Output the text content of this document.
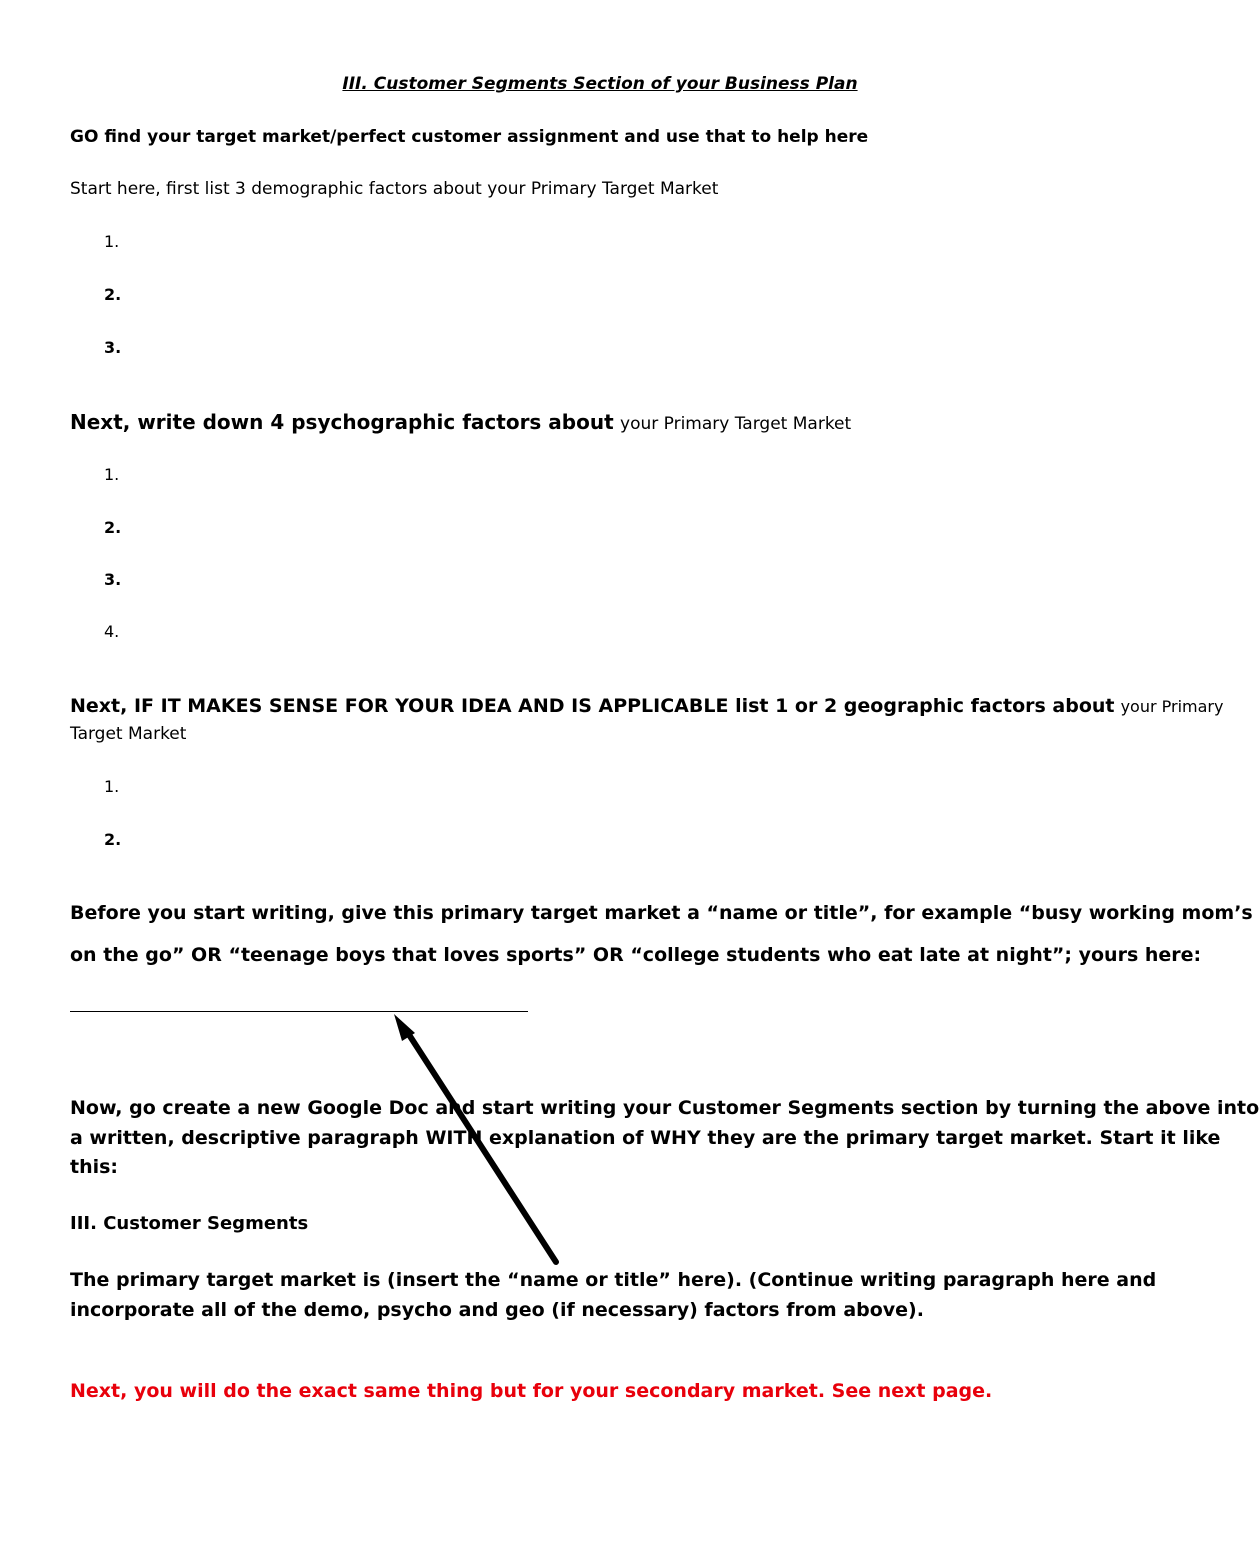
III. Customer Segments Section of your Business Plan

GO find your target market/perfect customer assignment and use that to help here

Start here, first list 3 demographic factors about your Primary Target Market

1.
2.
3.

Next, write down 4 psychographic factors about your Primary Target Market

1.
2.
3.
4.

Next, IF IT MAKES SENSE FOR YOUR IDEA AND IS APPLICABLE list 1 or 2 geographic factors about your Primary

Target Market

1.
2.

Before you start writing, give this primary target market a “name or title”, for example “busy working mom’s

on the go” OR “teenage boys that loves sports” OR “college students who eat late at night”; yours here:

Now, go create a new Google Doc and start writing your Customer Segments section by turning the above into

a written, descriptive paragraph WITH explanation of WHY they are the primary target market. Start it like

this:

III. Customer Segments

The primary target market is (insert the “name or title” here). (Continue writing paragraph here and

incorporate all of the demo, psycho and geo (if necessary) factors from above).

Next, you will do the exact same thing but for your secondary market. See next page.
